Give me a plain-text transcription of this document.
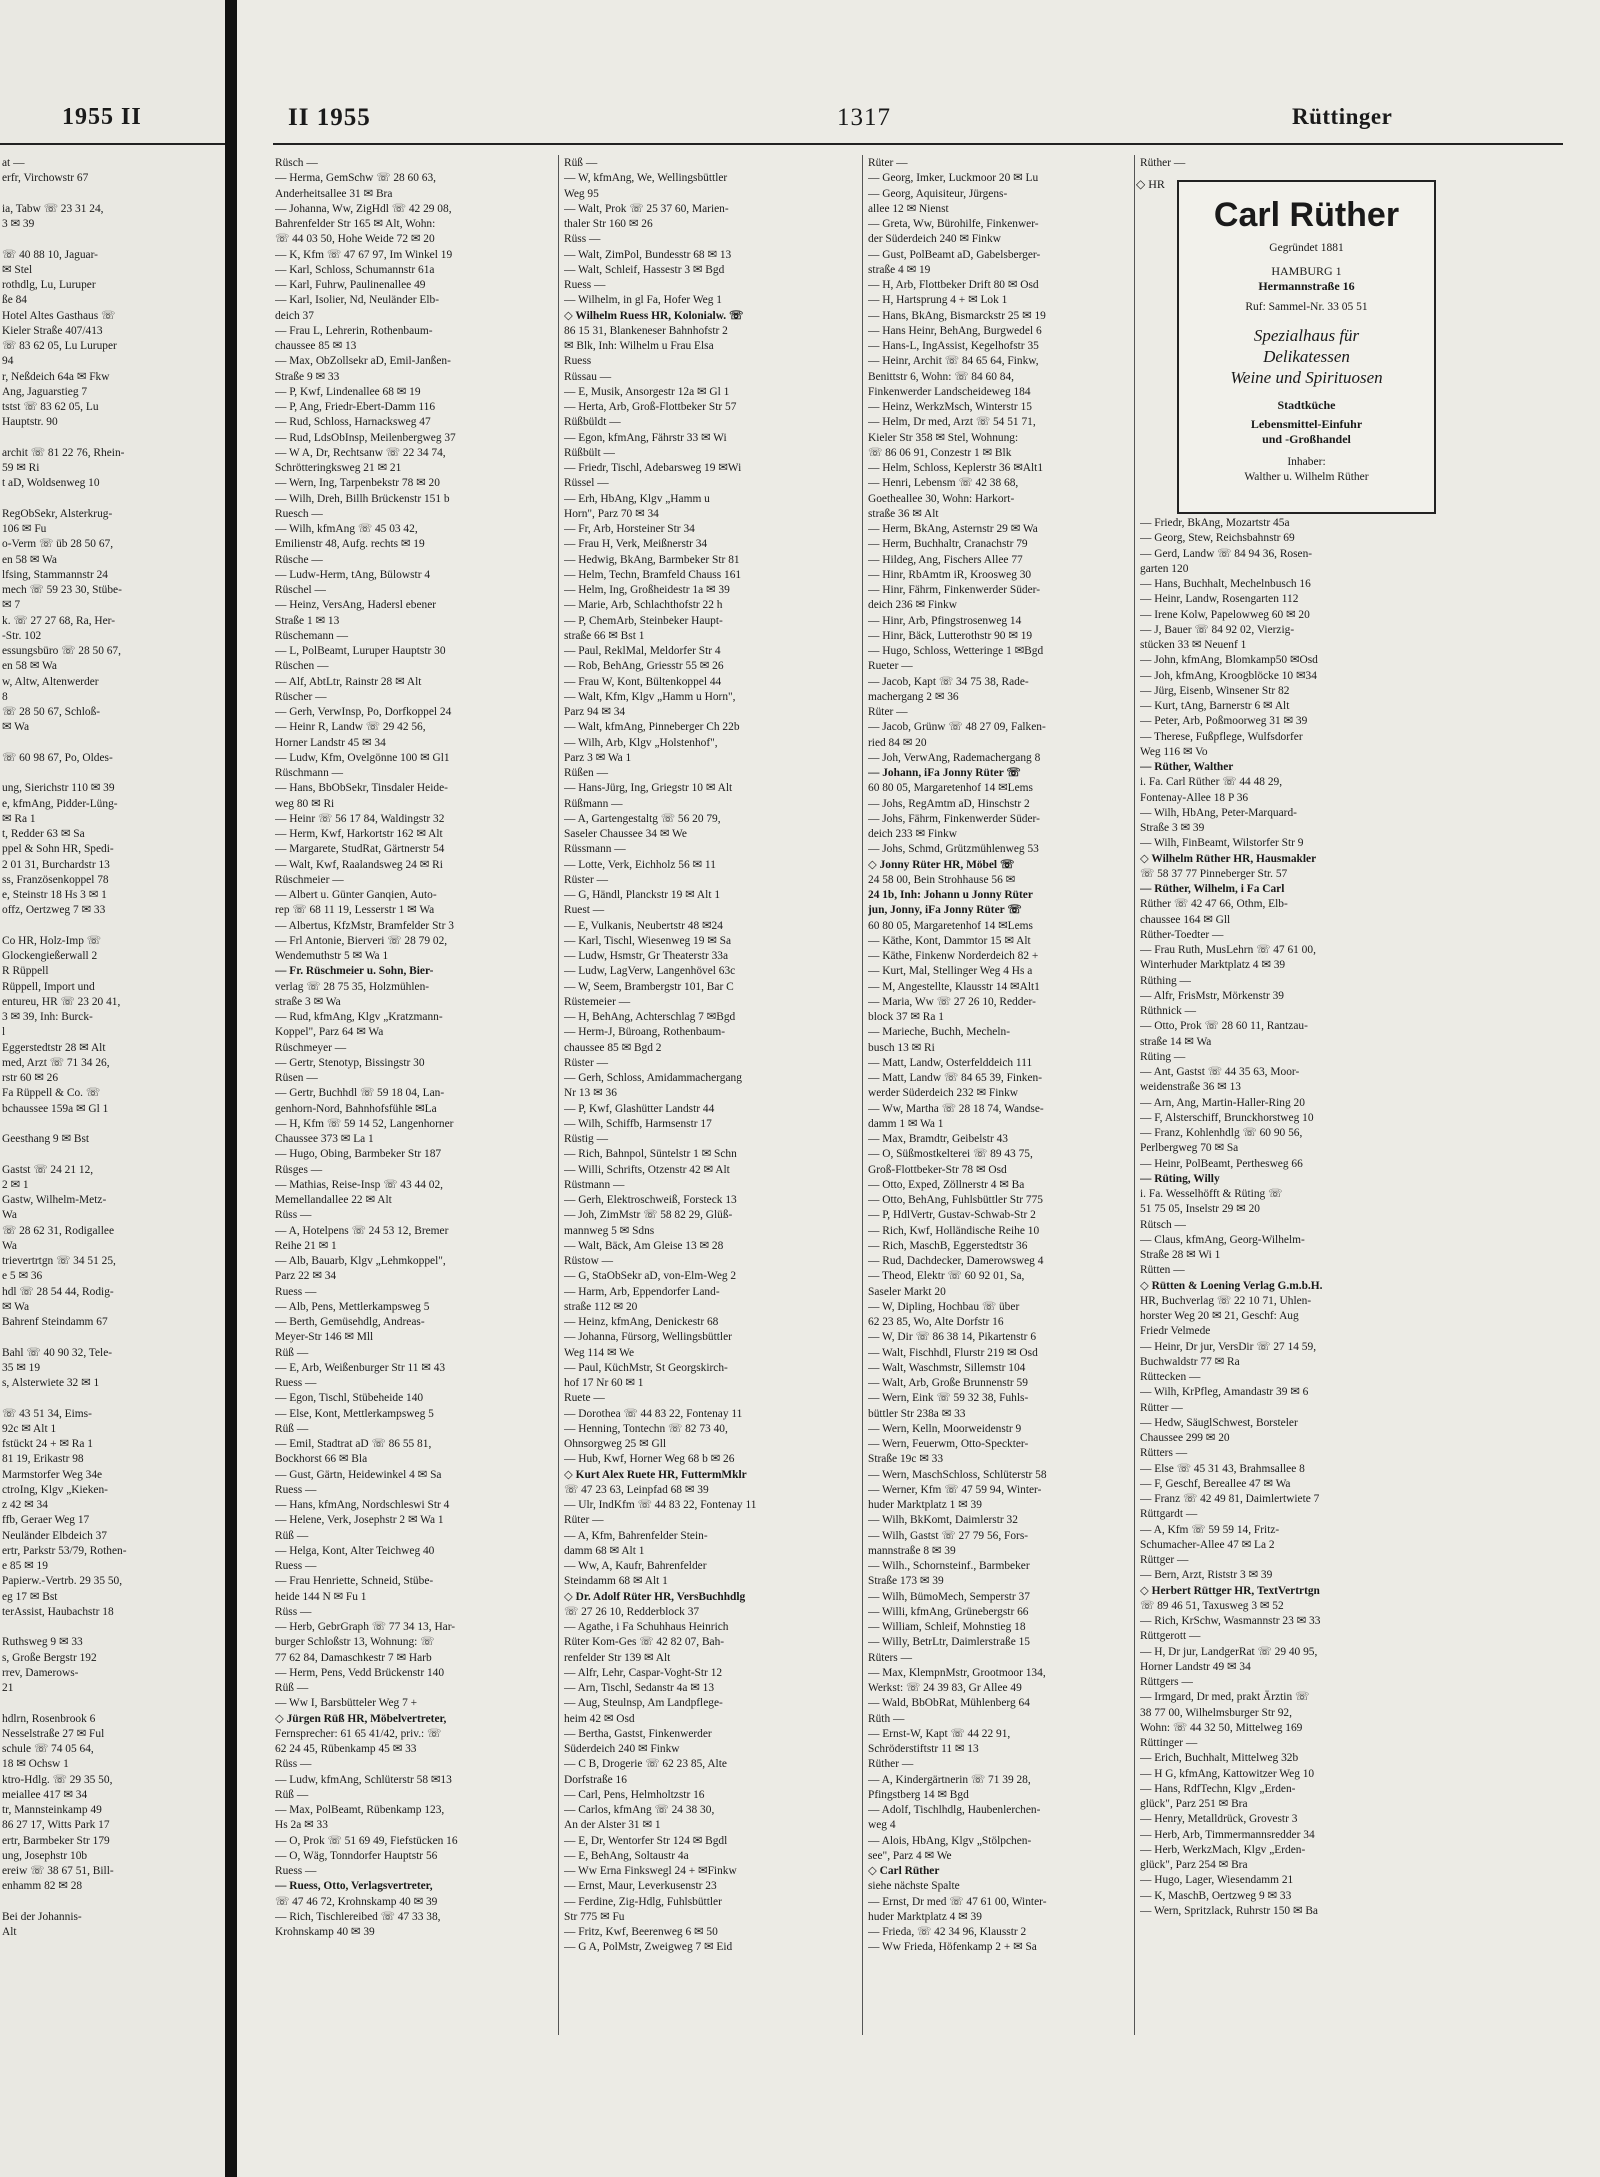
1955 II
at —
erfr, Virchowstr 67

ia, Tabw ☏ 23 31 24,
3 ✉ 39

☏ 40 88 10, Jaguar-
✉ Stel
rothdlg, Lu, Luruper
ße 84
Hotel Altes Gasthaus ☏
Kieler Straße 407/413
☏ 83 62 05, Lu Luruper
94
r, Neßdeich 64a ✉ Fkw
Ang, Jaguarstieg 7
tstst ☏ 83 62 05, Lu
Hauptstr. 90

archit ☏ 81 22 76, Rhein-
59 ✉ Ri
t aD, Woldsenweg 10

RegObSekr, Alsterkrug-
106 ✉ Fu
o-Verm ☏ üb 28 50 67,
en 58 ✉ Wa
lfsing, Stammannstr 24
mech ☏ 59 23 30, Stübe-
✉ 7
k. ☏ 27 27 68, Ra, Her-
-Str. 102
essungsbüro ☏ 28 50 67,
en 58 ✉ Wa
w, Altw, Altenwerder
8
☏ 28 50 67, Schloß-
✉ Wa

☏ 60 98 67, Po, Oldes-

ung, Sierichstr 110 ✉ 39
e, kfmAng, Pidder-Lüng-
✉ Ra 1
t, Redder 63 ✉ Sa
ppel & Sohn HR, Spedi-
2 01 31, Burchardstr 13
ss, Französenkoppel 78
e, Steinstr 18 Hs 3 ✉ 1
offz, Oertzweg 7 ✉ 33

Co HR, Holz-Imp ☏
Glockengießerwall 2
R Rüppell
Rüppell, Import und
entureu, HR ☏ 23 20 41,
3 ✉ 39, Inh: Burck-
l
Eggerstedtstr 28 ✉ Alt
med, Arzt ☏ 71 34 26,
rstr 60 ✉ 26
Fa Rüppell & Co. ☏
bchaussee 159a ✉ Gl 1

Geesthang 9 ✉ Bst

Gastst ☏ 24 21 12,
2 ✉ 1
Gastw, Wilhelm-Metz-
Wa
☏ 28 62 31, Rodigallee
Wa
trievertrtgn ☏ 34 51 25,
e 5 ✉ 36
hdl ☏ 28 54 44, Rodig-
✉ Wa
Bahrenf Steindamm 67

Bahl ☏ 40 90 32, Tele-
35 ✉ 19
s, Alsterwiete 32 ✉ 1

☏ 43 51 34, Eims-
92c ✉ Alt 1
fstückt 24 + ✉ Ra 1
81 19, Erikastr 98
Marmstorfer Weg 34e
ctroIng, Klgv „Kieken-
z 42 ✉ 34
ffb, Geraer Weg 17
Neuländer Elbdeich 37
ertr, Parkstr 53/79, Rothen-
e 85 ✉ 19
Papierw.-Vertrb. 29 35 50,
eg 17 ✉ Bst
terAssist, Haubachstr 18

Ruthsweg 9 ✉ 33
s, Große Bergstr 192
rrev, Damerows-
21

hdlrn, Rosenbrook 6
Nesselstraße 27 ✉ Ful
schule ☏ 74 05 64,
18 ✉ Ochsw 1
ktro-Hdlg. ☏ 29 35 50,
meiallee 417 ✉ 34
tr, Mannsteinkamp 49
86 27 17, Witts Park 17
ertr, Barmbeker Str 179
ung, Josephstr 10b
ereiw ☏ 38 67 51, Bill-
enhamm 82 ✉ 28

Bei der Johannis-
Alt
II 1955	1317	Rüttinger
Rüsch —
— Herma, GemSchw ☏ 28 60 63,
Anderheitsallee 31 ✉ Bra
— Johanna, Ww, ZigHdl ☏ 42 29 08,
Bahrenfelder Str 165 ✉ Alt, Wohn:
☏ 44 03 50, Hohe Weide 72 ✉ 20
— K, Kfm ☏ 47 67 97, Im Winkel 19
— Karl, Schloss, Schumannstr 61a
— Karl, Fuhrw, Paulinenallee 49
— Karl, Isolier, Nd, Neuländer Elb-
deich 37
— Frau L, Lehrerin, Rothenbaum-
chaussee 85 ✉ 13
— Max, ObZollsekr aD, Emil-Janßen-
Straße 9 ✉ 33
— P, Kwf, Lindenallee 68 ✉ 19
— P, Ang, Friedr-Ebert-Damm 116
— Rud, Schloss, Harnacksweg 47
— Rud, LdsObInsp, Meilenbergweg 37
— W A, Dr, Rechtsanw ☏ 22 34 74,
Schrötteringksweg 21 ✉ 21
— Wern, Ing, Tarpenbekstr 78 ✉ 20
— Wilh, Dreh, Billh Brückenstr 151 b
Ruesch —
— Wilh, kfmAng ☏ 45 03 42,
Emilienstr 48, Aufg. rechts ✉ 19
Rüsche —
— Ludw-Herm, tAng, Bülowstr 4
Rüschel —
— Heinz, VersAng, Hadersl ebener
Straße 1 ✉ 13
Rüschemann —
— L, PolBeamt, Luruper Hauptstr 30
Rüschen —
— Alf, AbtLtr, Rainstr 28 ✉ Alt
Rüscher —
— Gerh, VerwInsp, Po, Dorfkoppel 24
— Heinr R, Landw ☏ 29 42 56,
Horner Landstr 45 ✉ 34
— Ludw, Kfm, Ovelgönne 100 ✉ Gl1
Rüschmann —
— Hans, BbObSekr, Tinsdaler Heide-
weg 80 ✉ Ri
— Heinr ☏ 56 17 84, Waldingstr 32
— Herm, Kwf, Harkortstr 162 ✉ Alt
— Margarete, StudRat, Gärtnerstr 54
— Walt, Kwf, Raalandsweg 24 ✉ Ri
Rüschmeier —
— Albert u. Günter Ganqien, Auto-
rep ☏ 68 11 19, Lesserstr 1 ✉ Wa
— Albertus, KfzMstr, Bramfelder Str 3
— Frl Antonie, Bierveri ☏ 28 79 02,
Wendemuthstr 5 ✉ Wa 1
— Fr. Rüschmeier u. Sohn, Bier-
verlag ☏ 28 75 35, Holzmühlen-
straße 3 ✉ Wa
— Rud, kfmAng, Klgv „Kratzmann-
Koppel", Parz 64 ✉ Wa
Rüschmeyer —
— Gertr, Stenotyp, Bissingstr 30
Rüsen —
— Gertr, Buchhdl ☏ 59 18 04, Lan-
genhorn-Nord, Bahnhofsfühle ✉La
— H, Kfm ☏ 59 14 52, Langenhorner
Chaussee 373 ✉ La 1
— Hugo, Obing, Barmbeker Str 187
Rüsges —
— Mathias, Reise-Insp ☏ 43 44 02,
Memellandallee 22 ✉ Alt
Rüss —
— A, Hotelpens ☏ 24 53 12, Bremer
Reihe 21 ✉ 1
— Alb, Bauarb, Klgv „Lehmkoppel",
Parz 22 ✉ 34
Ruess —
— Alb, Pens, Mettlerkampsweg 5
— Berth, Gemüsehdlg, Andreas-
Meyer-Str 146 ✉ Mll
Rüß —
— E, Arb, Weißenburger Str 11 ✉ 43
Ruess —
— Egon, Tischl, Stübeheide 140
— Else, Kont, Mettlerkampsweg 5
Rüß —
— Emil, Stadtrat aD ☏ 86 55 81,
Bockhorst 66 ✉ Bla
— Gust, Gärtn, Heidewinkel 4 ✉ Sa
Ruess —
— Hans, kfmAng, Nordschleswi Str 4
— Helene, Verk, Josephstr 2 ✉ Wa 1
Rüß —
— Helga, Kont, Alter Teichweg 40
Ruess —
— Frau Henriette, Schneid, Stübe-
heide 144 N ✉ Fu 1
Rüss —
— Herb, GebrGraph ☏ 77 34 13, Har-
burger Schloßstr 13, Wohnung: ☏
77 62 84, Damaschkestr 7 ✉ Harb
— Herm, Pens, Vedd Brückenstr 140
Rüß —
— Ww I, Barsbütteler Weg 7 +
◇ Jürgen Rüß HR, Möbelvertreter,
Fernsprecher: 61 65 41/42, priv.: ☏
62 24 45, Rübenkamp 45 ✉ 33
Rüss —
— Ludw, kfmAng, Schlüterstr 58 ✉13
Rüß —
— Max, PolBeamt, Rübenkamp 123,
Hs 2a ✉ 33
— O, Prok ☏ 51 69 49, Fiefstücken 16
— O, Wäg, Tonndorfer Hauptstr 56
Ruess —
— Ruess, Otto, Verlagsvertreter,
☏ 47 46 72, Krohnskamp 40 ✉ 39
— Rich, Tischlereibed ☏ 47 33 38,
Krohnskamp 40 ✉ 39
Rüß —
— W, kfmAng, We, Wellingsbüttler
Weg 95
— Walt, Prok ☏ 25 37 60, Marien-
thaler Str 160 ✉ 26
Rüss —
— Walt, ZimPol, Bundesstr 68 ✉ 13
— Walt, Schleif, Hassestr 3 ✉ Bgd
Ruess —
— Wilhelm, in gl Fa, Hofer Weg 1
◇ Wilhelm Ruess HR, Kolonialw. ☏
86 15 31, Blankeneser Bahnhofstr 2
✉ Blk, Inh: Wilhelm u Frau Elsa
Ruess
Rüssau —
— E, Musik, Ansorgestr 12a ✉ Gl 1
— Herta, Arb, Groß-Flottbeker Str 57
Rüßbüldt —
— Egon, kfmAng, Fährstr 33 ✉ Wi
Rüßbült —
— Friedr, Tischl, Adebarsweg 19 ✉Wi
Rüssel —
— Erh, HbAng, Klgv „Hamm u
Horn", Parz 70 ✉ 34
— Fr, Arb, Horsteiner Str 34
— Frau H, Verk, Meißnerstr 34
— Hedwig, BkAng, Barmbeker Str 81
— Helm, Techn, Bramfeld Chauss 161
— Helm, Ing, Großheidestr 1a ✉ 39
— Marie, Arb, Schlachthofstr 22 h
— P, ChemArb, Steinbeker Haupt-
straße 66 ✉ Bst 1
— Paul, ReklMal, Meldorfer Str 4
— Rob, BehAng, Griesstr 55 ✉ 26
— Frau W, Kont, Bültenkoppel 44
— Walt, Kfm, Klgv „Hamm u Horn",
Parz 94 ✉ 34
— Walt, kfmAng, Pinneberger Ch 22b
— Wilh, Arb, Klgv „Holstenhof",
Parz 3 ✉ Wa 1
Rüßen —
— Hans-Jürg, Ing, Griegstr 10 ✉ Alt
Rüßmann —
— A, Gartengestaltg ☏ 56 20 79,
Saseler Chaussee 34 ✉ We
Rüssmann —
— Lotte, Verk, Eichholz 56 ✉ 11
Rüster —
— G, Händl, Planckstr 19 ✉ Alt 1
Ruest —
— E, Vulkanis, Neubertstr 48 ✉24
— Karl, Tischl, Wiesenweg 19 ✉ Sa
— Ludw, Hsmstr, Gr Theaterstr 33a
— Ludw, LagVerw, Langenhövel 63c
— W, Seem, Brambergstr 101, Bar C
Rüstemeier —
— H, BehAng, Achterschlag 7 ✉Bgd
— Herm-J, Büroang, Rothenbaum-
chaussee 85 ✉ Bgd 2
Rüster —
— Gerh, Schloss, Amidammachergang
Nr 13 ✉ 36
— P, Kwf, Glashütter Landstr 44
— Wilh, Schiffb, Harmsenstr 17
Rüstig —
— Rich, Bahnpol, Süntelstr 1 ✉ Schn
— Willi, Schrifts, Otzenstr 42 ✉ Alt
Rüstmann —
— Gerh, Elektroschweiß, Forsteck 13
— Joh, ZimMstr ☏ 58 82 29, Glüß-
mannweg 5 ✉ Sdns
— Walt, Bäck, Am Gleise 13 ✉ 28
Rüstow —
— G, StaObSekr aD, von-Elm-Weg 2
— Harm, Arb, Eppendorfer Land-
straße 112 ✉ 20
— Heinz, kfmAng, Denickestr 68
— Johanna, Fürsorg, Wellingsbüttler
Weg 114 ✉ We
— Paul, KüchMstr, St Georgskirch-
hof 17 Nr 60 ✉ 1
Ruete —
— Dorothea ☏ 44 83 22, Fontenay 11
— Henning, Tontechn ☏ 82 73 40,
Ohnsorgweg 25 ✉ Gll
— Hub, Kwf, Horner Weg 68 b ✉ 26
◇ Kurt Alex Ruete HR, FuttermMklr
☏ 47 23 63, Leinpfad 68 ✉ 39
— Ulr, IndKfm ☏ 44 83 22, Fontenay 11
Rüter —
— A, Kfm, Bahrenfelder Stein-
damm 68 ✉ Alt 1
— Ww, A, Kaufr, Bahrenfelder
Steindamm 68 ✉ Alt 1
◇ Dr. Adolf Rüter HR, VersBuchhdlg
☏ 27 26 10, Redderblock 37
— Agathe, i Fa Schuhhaus Heinrich
Rüter Kom-Ges ☏ 42 82 07, Bah-
renfelder Str 139 ✉ Alt
— Alfr, Lehr, Caspar-Voght-Str 12
— Arn, Tischl, Sedanstr 4a ✉ 13
— Aug, Steulnsp, Am Landpflege-
heim 42 ✉ Osd
— Bertha, Gastst, Finkenwerder
Süderdeich 240 ✉ Finkw
— C B, Drogerie ☏ 62 23 85, Alte
Dorfstraße 16
— Carl, Pens, Helmholtzstr 16
— Carlos, kfmAng ☏ 24 38 30,
An der Alster 31 ✉ 1
— E, Dr, Wentorfer Str 124 ✉ Bgdl
— E, BehAng, Soltaustr 4a
— Ww Erna Finkswegl 24 + ✉Finkw
— Ernst, Maur, Leverkusenstr 23
— Ferdine, Zig-Hdlg, Fuhlsbüttler
Str 775 ✉ Fu
— Fritz, Kwf, Beerenweg 6 ✉ 50
— G A, PolMstr, Zweigweg 7 ✉ Eid
Rüter —
— Georg, Imker, Luckmoor 20 ✉ Lu
— Georg, Aquisiteur, Jürgens-
allee 12 ✉ Nienst
— Greta, Ww, Bürohilfe, Finkenwer-
der Süderdeich 240 ✉ Finkw
— Gust, PolBeamt aD, Gabelsberger-
straße 4 ✉ 19
— H, Arb, Flottbeker Drift 80 ✉ Osd
— H, Hartsprung 4 + ✉ Lok 1
— Hans, BkAng, Bismarckstr 25 ✉ 19
— Hans Heinr, BehAng, Burgwedel 6
— Hans-L, IngAssist, Kegelhofstr 35
— Heinr, Archit ☏ 84 65 64, Finkw,
Benittstr 6, Wohn: ☏ 84 60 84,
Finkenwerder Landscheideweg 184
— Heinz, WerkzMsch, Winterstr 15
— Helm, Dr med, Arzt ☏ 54 51 71,
Kieler Str 358 ✉ Stel, Wohnung:
☏ 86 06 91, Conzestr 1 ✉ Blk
— Helm, Schloss, Keplerstr 36 ✉Alt1
— Henri, Lebensm ☏ 42 38 68,
Goetheallee 30, Wohn: Harkort-
straße 36 ✉ Alt
— Herm, BkAng, Asternstr 29 ✉ Wa
— Herm, Buchhaltr, Cranachstr 79
— Hildeg, Ang, Fischers Allee 77
— Hinr, RbAmtm iR, Kroosweg 30
— Hinr, Fährm, Finkenwerder Süder-
deich 236 ✉ Finkw
— Hinr, Arb, Pfingstrosenweg 14
— Hinr, Bäck, Lutterothstr 90 ✉ 19
— Hugo, Schloss, Wetteringe 1 ✉Bgd
Rueter —
— Jacob, Kapt ☏ 34 75 38, Rade-
machergang 2 ✉ 36
Rüter —
— Jacob, Grünw ☏ 48 27 09, Falken-
ried 84 ✉ 20
— Joh, VerwAng, Rademachergang 8
— Johann, iFa Jonny Rüter ☏
60 80 05, Margaretenhof 14 ✉Lems
— Johs, RegAmtm aD, Hinschstr 2
— Johs, Fährm, Finkenwerder Süder-
deich 233 ✉ Finkw
— Johs, Schmd, Grützmühlenweg 53
◇ Jonny Rüter HR, Möbel ☏
24 58 00, Bein Strohhause 56 ✉
24 1b, Inh: Johann u Jonny Rüter
jun, Jonny, iFa Jonny Rüter ☏
60 80 05, Margaretenhof 14 ✉Lems
— Käthe, Kont, Dammtor 15 ✉ Alt
— Käthe, Finkenw Norderdeich 82 +
— Kurt, Mal, Stellinger Weg 4 Hs a
— M, Angestellte, Klausstr 14 ✉Alt1
— Maria, Ww ☏ 27 26 10, Redder-
block 37 ✉ Ra 1
— Marieche, Buchh, Mecheln-
busch 13 ✉ Ri
— Matt, Landw, Osterfelddeich 111
— Matt, Landw ☏ 84 65 39, Finken-
werder Süderdeich 232 ✉ Finkw
— Ww, Martha ☏ 28 18 74, Wandse-
damm 1 ✉ Wa 1
— Max, Bramdtr, Geibelstr 43
— O, Süßmostkelterei ☏ 89 43 75,
Groß-Flottbeker-Str 78 ✉ Osd
— Otto, Exped, Zöllnerstr 4 ✉ Ba
— Otto, BehAng, Fuhlsbüttler Str 775
— P, HdlVertr, Gustav-Schwab-Str 2
— Rich, Kwf, Holländische Reihe 10
— Rich, MaschB, Eggerstedtstr 36
— Rud, Dachdecker, Damerowsweg 4
— Theod, Elektr ☏ 60 92 01, Sa,
Saseler Markt 20
— W, Dipling, Hochbau ☏ über
62 23 85, Wo, Alte Dorfstr 16
— W, Dir ☏ 86 38 14, Pikartenstr 6
— Walt, Fischhdl, Flurstr 219 ✉ Osd
— Walt, Waschmstr, Sillemstr 104
— Walt, Arb, Große Brunnenstr 59
— Wern, Eink ☏ 59 32 38, Fuhls-
büttler Str 238a ✉ 33
— Wern, Kelln, Moorweidenstr 9
— Wern, Feuerwm, Otto-Speckter-
Straße 19c ✉ 33
— Wern, MaschSchloss, Schlüterstr 58
— Werner, Kfm ☏ 47 59 94, Winter-
huder Marktplatz 1 ✉ 39
— Wilh, BkKomt, Daimlerstr 32
— Wilh, Gastst ☏ 27 79 56, Fors-
mannstraße 8 ✉ 39
— Wilh., Schornsteinf., Barmbeker
Straße 173 ✉ 39
— Wilh, BümoMech, Semperstr 37
— Willi, kfmAng, Grünebergstr 66
— William, Schleif, Mohnstieg 18
— Willy, BetrLtr, Daimlerstraße 15
Rüters —
— Max, KlempnMstr, Grootmoor 134,
Werkst: ☏ 24 39 83, Gr Allee 49
— Wald, BbObRat, Mühlenberg 64
Rüth —
— Ernst-W, Kapt ☏ 44 22 91,
Schröderstiftstr 11 ✉ 13
Rüther —
— A, Kindergärtnerin ☏ 71 39 28,
Pfingstberg 14 ✉ Bgd
— Adolf, Tischlhdlg, Haubenlerchen-
weg 4
— Alois, HbAng, Klgv „Stölpchen-
see", Parz 4 ✉ We
◇ Carl Rüther
siehe nächste Spalte
— Ernst, Dr med ☏ 47 61 00, Winter-
huder Marktplatz 4 ✉ 39
— Frieda, ☏ 42 34 96, Klausstr 2
— Ww Frieda, Höfenkamp 2 + ✉ Sa
Rüther —
◇ HR
Carl Rüther
Gegründet 1881
HAMBURG 1
Hermannstraße 16
Ruf: Sammel-Nr. 33 05 51
Spezialhaus für
Delikatessen
Weine und Spirituosen
Stadtküche
Lebensmittel-Einfuhr
und -Großhandel
Inhaber:
Walther u. Wilhelm Rüther
— Friedr, BkAng, Mozartstr 45a
— Georg, Stew, Reichsbahnstr 69
— Gerd, Landw ☏ 84 94 36, Rosen-
garten 120
— Hans, Buchhalt, Mechelnbusch 16
— Heinr, Landw, Rosengarten 112
— Irene Kolw, Papelowweg 60 ✉ 20
— J, Bauer ☏ 84 92 02, Vierzig-
stücken 33 ✉ Neuenf 1
— John, kfmAng, Blomkamp50 ✉Osd
— Joh, kfmAng, Kroogblöcke 10 ✉34
— Jürg, Eisenb, Winsener Str 82
— Kurt, tAng, Barnerstr 6 ✉ Alt
— Peter, Arb, Poßmoorweg 31 ✉ 39
— Therese, Fußpflege, Wulfsdorfer
Weg 116 ✉ Vo
— Rüther, Walther
i. Fa. Carl Rüther ☏ 44 48 29,
Fontenay-Allee 18 P 36
— Wilh, HbAng, Peter-Marquard-
Straße 3 ✉ 39
— Wilh, FinBeamt, Wilstorfer Str 9
◇ Wilhelm Rüther HR, Hausmakler
☏ 58 37 77 Pinneberger Str. 57
— Rüther, Wilhelm, i Fa Carl
Rüther ☏ 42 47 66, Othm, Elb-
chaussee 164 ✉ Gll
Rüther-Toedter —
— Frau Ruth, MusLehrn ☏ 47 61 00,
Winterhuder Marktplatz 4 ✉ 39
Rüthing —
— Alfr, FrisMstr, Mörkenstr 39
Rüthnick —
— Otto, Prok ☏ 28 60 11, Rantzau-
straße 14 ✉ Wa
Rüting —
— Ant, Gastst ☏ 44 35 63, Moor-
weidenstraße 36 ✉ 13
— Arn, Ang, Martin-Haller-Ring 20
— F, Alsterschiff, Brunckhorstweg 10
— Franz, Kohlenhdlg ☏ 60 90 56,
Perlbergweg 70 ✉ Sa
— Heinr, PolBeamt, Perthesweg 66
— Rüting, Willy
i. Fa. Wesselhöfft & Rüting ☏
51 75 05, Inselstr 29 ✉ 20
Rütsch —
— Claus, kfmAng, Georg-Wilhelm-
Straße 28 ✉ Wi 1
Rütten —
◇ Rütten & Loening Verlag G.m.b.H.
HR, Buchverlag ☏ 22 10 71, Uhlen-
horster Weg 20 ✉ 21, Geschf: Aug
Friedr Velmede
— Heinr, Dr jur, VersDir ☏ 27 14 59,
Buchwaldstr 77 ✉ Ra
Rüttecken —
— Wilh, KrPfleg, Amandastr 39 ✉ 6
Rütter —
— Hedw, SäuglSchwest, Borsteler
Chaussee 299 ✉ 20
Rütters —
— Else ☏ 45 31 43, Brahmsallee 8
— F, Geschf, Bereallee 47 ✉ Wa
— Franz ☏ 42 49 81, Daimlertwiete 7
Rüttgardt —
— A, Kfm ☏ 59 59 14, Fritz-
Schumacher-Allee 47 ✉ La 2
Rüttger —
— Bern, Arzt, Riststr 3 ✉ 39
◇ Herbert Rüttger HR, TextVertrtgn
☏ 89 46 51, Taxusweg 3 ✉ 52
— Rich, KrSchw, Wasmannstr 23 ✉ 33
Rüttgerott —
— H, Dr jur, LandgerRat ☏ 29 40 95,
Horner Landstr 49 ✉ 34
Rüttgers —
— Irmgard, Dr med, prakt Ärztin ☏
38 77 00, Wilhelmsburger Str 92,
Wohn: ☏ 44 32 50, Mittelweg 169
Rüttinger —
— Erich, Buchhalt, Mittelweg 32b
— H G, kfmAng, Kattowitzer Weg 10
— Hans, RdfTechn, Klgv „Erden-
glück", Parz 251 ✉ Bra
— Henry, Metalldrück, Grovestr 3
— Herb, Arb, Timmermannsredder 34
— Herb, WerkzMach, Klgv „Erden-
glück", Parz 254 ✉ Bra
— Hugo, Lager, Wiesendamm 21
— K, MaschB, Oertzweg 9 ✉ 33
— Wern, Spritzlack, Ruhrstr 150 ✉ Ba
